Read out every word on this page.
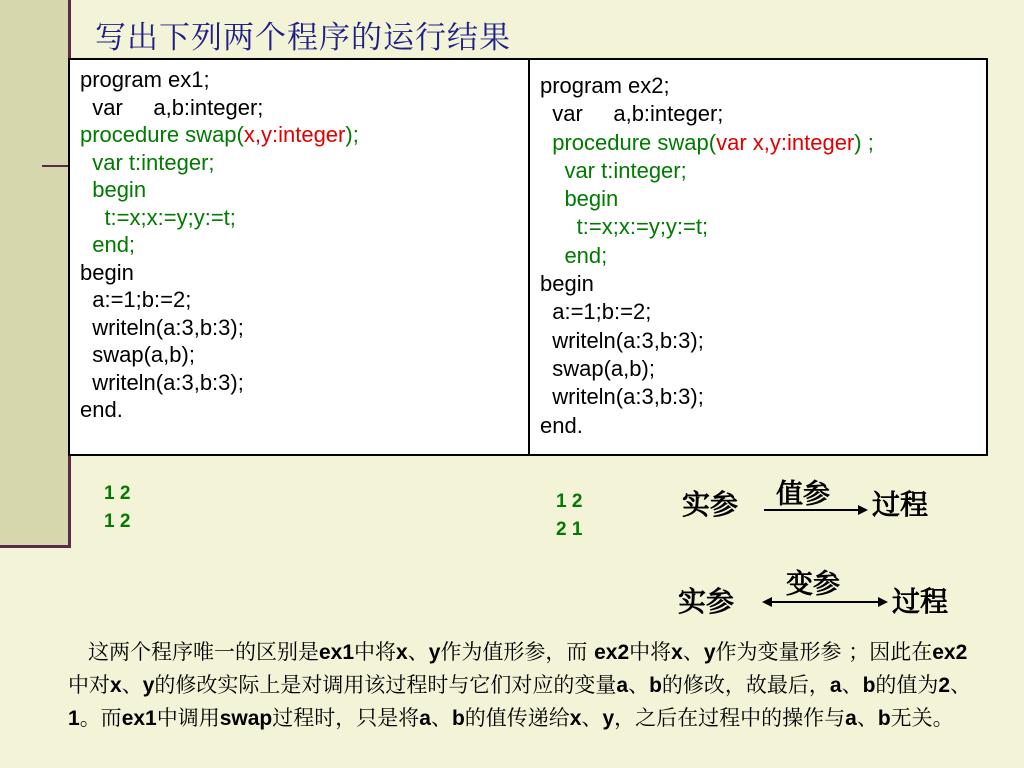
写出下列两个程序的运行结果
program ex1;
var     a,b:integer;
procedure swap(x,y:integer);
var t:integer;
begin
t:=x;x:=y;y:=t;
end;
begin
a:=1;b:=2;
writeln(a:3,b:3);
swap(a,b);
writeln(a:3,b:3);
end.
program ex2;
var     a,b:integer;
procedure swap(var x,y:integer) ;
var t:integer;
begin
t:=x;x:=y;y:=t;
end;
begin
a:=1;b:=2;
writeln(a:3,b:3);
swap(a,b);
writeln(a:3,b:3);
end.
1 2
1 2
1 2
2 1
实参 值参 过程
实参
变参
过程
这两个程序唯一的区别是ex1中将x、y作为值形参，而 ex2中将x、y作为变量形参 ；因此在ex2中对x、y的修改实际上是对调用该过程时与它们对应的变量a、b的修改，故最后，a、b的值为2、1。而ex1中调用swap过程时，只是将a、b的值传递给x、y，之后在过程中的操作与a、b无关。
